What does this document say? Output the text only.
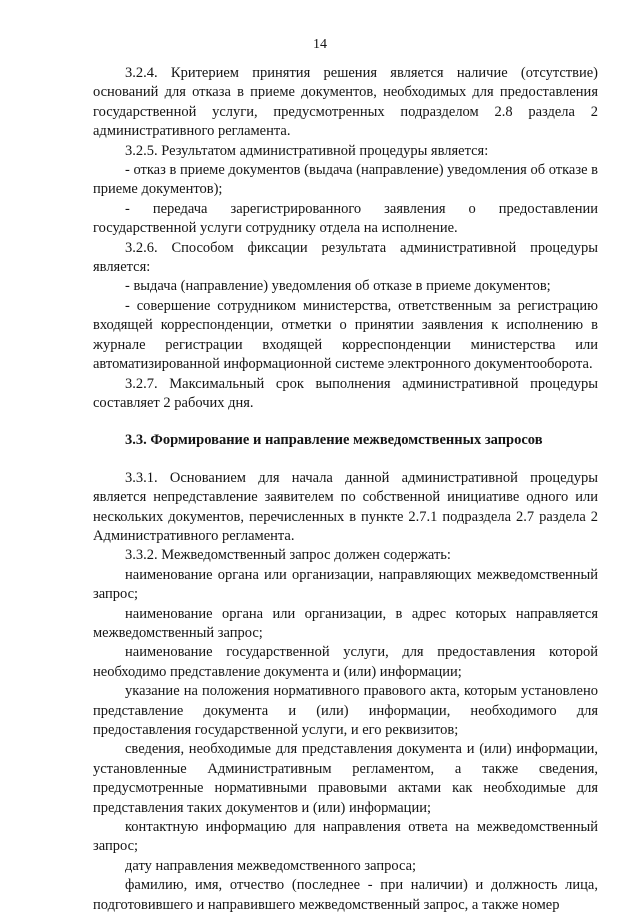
14

3.2.4. Критерием принятия решения является наличие (отсутствие) оснований для отказа в приеме документов, необходимых для предоставления государственной услуги, предусмотренных подразделом 2.8 раздела 2 административного регламента.

3.2.5. Результатом административной процедуры является:

- отказ в приеме документов (выдача (направление) уведомления об отказе в приеме документов);

- передача зарегистрированного заявления о предоставлении государственной услуги сотруднику отдела на исполнение.

3.2.6. Способом фиксации результата административной процедуры является:

- выдача (направление) уведомления об отказе в приеме документов;

- совершение сотрудником министерства, ответственным за регистрацию входящей корреспонденции, отметки о принятии заявления к исполнению в журнале регистрации входящей корреспонденции министерства или автоматизированной информационной системе электронного документооборота.

3.2.7. Максимальный срок выполнения административной процедуры составляет 2 рабочих дня.

3.3. Формирование и направление межведомственных запросов

3.3.1. Основанием для начала данной административной процедуры является непредставление заявителем по собственной инициативе одного или нескольких документов, перечисленных в пункте 2.7.1 подраздела 2.7 раздела 2 Административного регламента.

3.3.2. Межведомственный запрос должен содержать:

наименование органа или организации, направляющих межведомственный запрос;

наименование органа или организации, в адрес которых направляется межведомственный запрос;

наименование государственной услуги, для предоставления которой необходимо представление документа и (или) информации;

указание на положения нормативного правового акта, которым установлено представление документа и (или) информации, необходимого для предоставления государственной услуги, и его реквизитов;

сведения, необходимые для представления документа и (или) информации, установленные Административным регламентом, а также сведения, предусмотренные нормативными правовыми актами как необходимые для представления таких документов и (или) информации;

контактную информацию для направления ответа на межведомственный запрос;

дату направления межведомственного запроса;

фамилию, имя, отчество (последнее - при наличии) и должность лица, подготовившего и направившего межведомственный запрос, а также номер
